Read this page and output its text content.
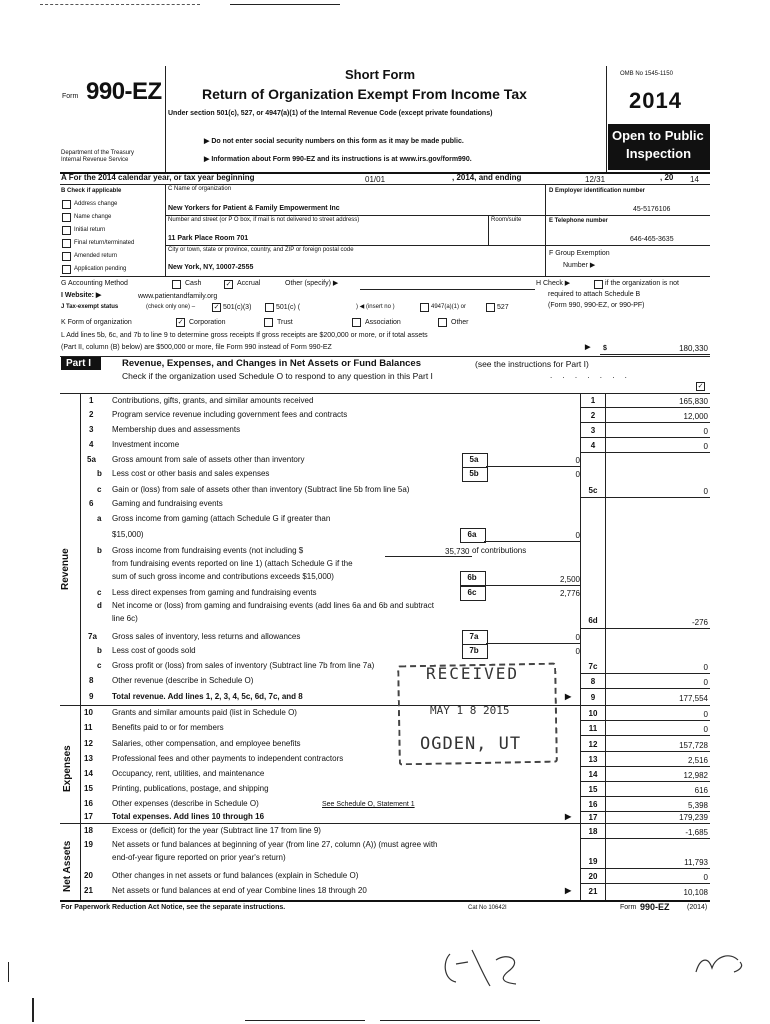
Form 990-EZ
Department of the Treasury
Internal Revenue Service
Short Form
Return of Organization Exempt From Income Tax
Under section 501(c), 527, or 4947(a)(1) of the Internal Revenue Code (except private foundations)
▶ Do not enter social security numbers on this form as it may be made public.
▶ Information about Form 990-EZ and its instructions is at www.irs.gov/form990.
OMB No 1545-1150
2014
Open to Public
Inspection
A For the 2014 calendar year, or tax year beginning	01/01	, 2014, and ending	12/31	, 20 14
B Check if applicable
Address change
Name change
Initial return
Final return/terminated
Amended return
Application pending
C Name of organization
New Yorkers for Patient & Family Empowerment Inc
Number and street (or P O box, if mail is not delivered to street address)	Room/suite
11 Park Place Room 701
City or town, state or province, country, and ZIP or foreign postal code
New York, NY, 10007-2555
D Employer identification number
45-5176106
E Telephone number
646-465-3635
F Group Exemption
Number ▶
G Accounting Method	Cash	✓ Accrual	Other (specify) ▶	H Check ▶	if the organization is not
required to attach Schedule B
(Form 990, 990-EZ, or 990-PF)
I Website: ▶	www.patientandfamily.org
J Tax-exempt status	(check only one) –	✓ 501(c)(3)	501(c) (	) ◀ (insert no )	4947(a)(1) or	527
K Form of organization	✓ Corporation	Trust	Association	Other
L Add lines 5b, 6c, and 7b to line 9 to determine gross receipts If gross receipts are $200,000 or more, or if total assets
(Part II, column (B) below) are $500,000 or more, file Form 990 instead of Form 990-EZ	▶ $	180,330
Part I	Revenue, Expenses, and Changes in Net Assets or Fund Balances	(see the instructions for Part I)
Check if the organization used Schedule O to respond to any question in this Part I	. . . . . . .
✓
Revenue
Expenses
Net Assets
1 Contributions, gifts, grants, and similar amounts received	1	165,830
2 Program service revenue including government fees and contracts	2	12,000
3 Membership dues and assessments	3	0
4 Investment income	4	0
5a Gross amount from sale of assets other than inventory	5a	0
b Less cost or other basis and sales expenses	5b	0
c Gain or (loss) from sale of assets other than inventory (Subtract line 5b from line 5a)	5c	0
6 Gaming and fundraising events
a Gross income from gaming (attach Schedule G if greater than
$15,000)	6a	0
b Gross income from fundraising events (not including $	35,730 of contributions
from fundraising events reported on line 1) (attach Schedule G if the
sum of such gross income and contributions exceeds $15,000)	6b	2,500
c Less direct expenses from gaming and fundraising events	6c	2,776
d Net income or (loss) from gaming and fundraising events (add lines 6a and 6b and subtract
line 6c)	6d	-276
7a Gross sales of inventory, less returns and allowances	7a	0
b Less cost of goods sold	7b	0
c Gross profit or (loss) from sales of inventory (Subtract line 7b from line 7a)	7c	0
8 Other revenue (describe in Schedule O)	8	0
9 Total revenue. Add lines 1, 2, 3, 4, 5c, 6d, 7c, and 8	▶	9	177,554
10 Grants and similar amounts paid (list in Schedule O)	10	0
11 Benefits paid to or for members	11	0
12 Salaries, other compensation, and employee benefits	12	157,728
13 Professional fees and other payments to independent contractors	13	2,516
14 Occupancy, rent, utilities, and maintenance	14	12,982
15 Printing, publications, postage, and shipping	15	616
16 Other expenses (describe in Schedule O)	See Schedule O, Statement 1	16	5,398
17 Total expenses. Add lines 10 through 16	▶	17	179,239
18 Excess or (deficit) for the year (Subtract line 17 from line 9)	18	-1,685
19 Net assets or fund balances at beginning of year (from line 27, column (A)) (must agree with
end-of-year figure reported on prior year's return)	19	11,793
20 Other changes in net assets or fund balances (explain in Schedule O)	20	0
21 Net assets or fund balances at end of year Combine lines 18 through 20	▶	21	10,108
For Paperwork Reduction Act Notice, see the separate instructions.	Cat No 10642I	Form 990-EZ (2014)
RECEIVED
MAY 1 8 2015
OGDEN, UT
